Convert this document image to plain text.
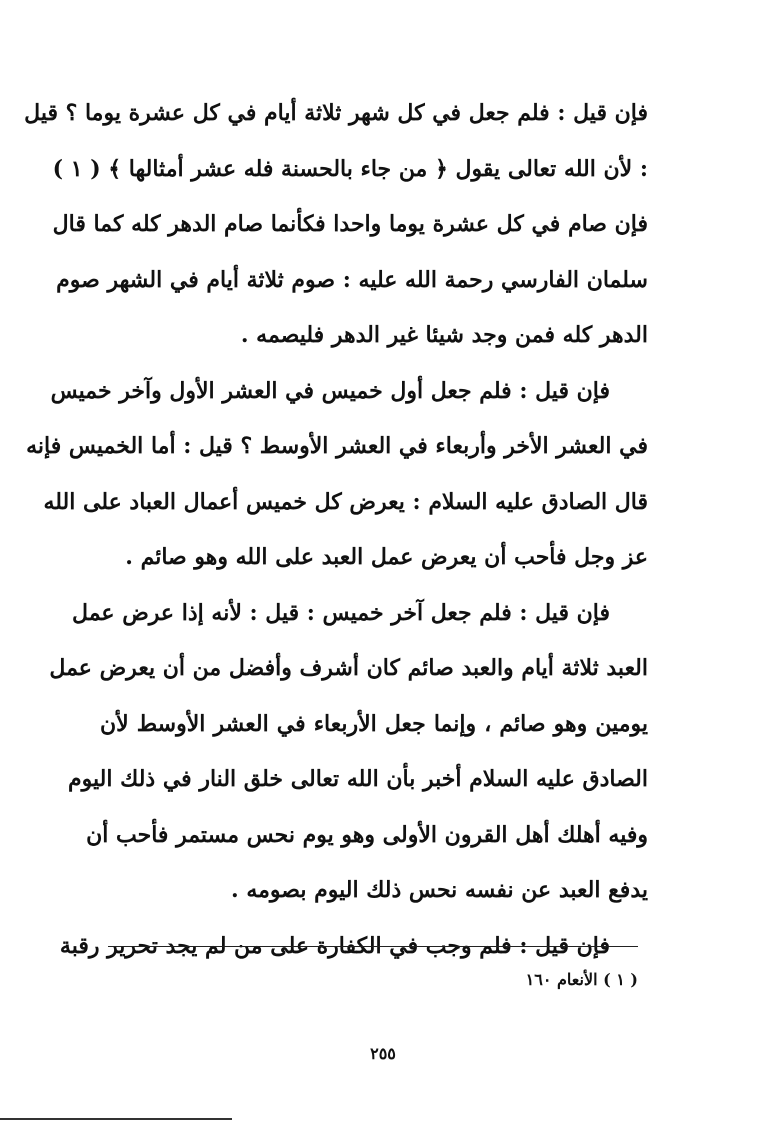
فإن قيل : فلم جعل في كل شهر ثلاثة أيام في كل عشرة يوما ؟ قيل
: لأن الله تعالى يقول ﴿ من جاء بالحسنة فله عشر أمثالها ﴾ ( ١ )
فإن صام في كل عشرة يوما واحدا فكأنما صام الدهر كله كما قال
سلمان الفارسي رحمة الله عليه : صوم ثلاثة أيام في الشهر صوم
الدهر كله فمن وجد شيئا غير الدهر فليصمه .
فإن قيل : فلم جعل أول خميس في العشر الأول وآخر خميس
في العشر الأخر وأربعاء في العشر الأوسط ؟ قيل : أما الخميس فإنه
قال الصادق عليه السلام : يعرض كل خميس أعمال العباد على الله
عز وجل فأحب أن يعرض عمل العبد على الله وهو صائم .
فإن قيل : فلم جعل آخر خميس : قيل : لأنه إذا عرض عمل
العبد ثلاثة أيام والعبد صائم كان أشرف وأفضل من أن يعرض عمل
يومين وهو صائم ، وإنما جعل الأربعاء في العشر الأوسط لأن
الصادق عليه السلام أخبر بأن الله تعالى خلق النار في ذلك اليوم
وفيه أهلك أهل القرون الأولى وهو يوم نحس مستمر فأحب أن
يدفع العبد عن نفسه نحس ذلك اليوم بصومه .
فإن قيل : فلم وجب في الكفارة على من لم يجد تحرير رقبة
( ١ ) الأنعام ١٦٠
٢٥٥
